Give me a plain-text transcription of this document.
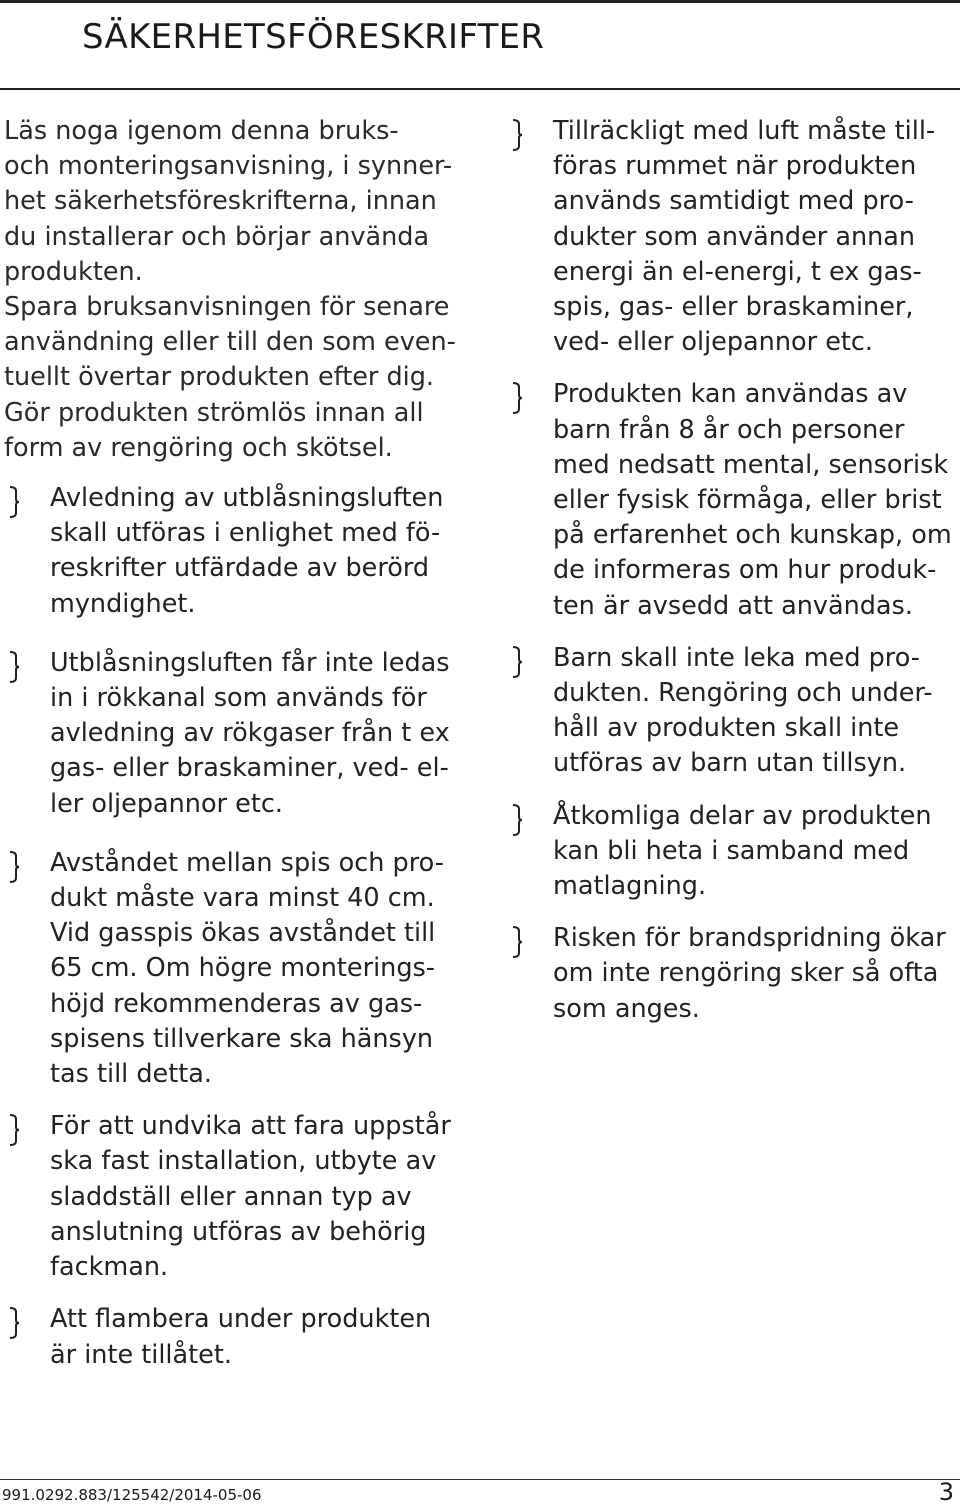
SÄKERHETSFÖRESKRIFTER

Läs noga igenom denna bruks-
och monteringsanvisning, i synner-
het säkerhetsföreskrifterna, innan
du installerar och börjar använda
produkten.

Spara bruksanvisningen för senare
användning eller till den som even-
tuellt övertar produkten efter dig.

Gör produkten strömlös innan all
form av rengöring och skötsel.

Avledning av utblåsningsluften
skall utföras i enlighet med fö-
reskrifter utfärdade av berörd
myndighet.
Utblåsningsluften får inte ledas
in i rökkanal som används för
avledning av rökgaser från t ex
gas- eller braskaminer, ved- el-
ler oljepannor etc.
Avståndet mellan spis och pro-
dukt måste vara minst 40 cm.
Vid gasspis ökas avståndet till
65 cm. Om högre monterings-
höjd rekommenderas av gas-
spisens tillverkare ska hänsyn
tas till detta.
För att undvika att fara uppstår
ska fast installation, utbyte av
sladdställ eller annan typ av
anslutning utföras av behörig
fackman.
Att flambera under produkten
är inte tillåtet.
Tillräckligt med luft måste till-
föras rummet när produkten
används samtidigt med pro-
dukter som använder annan
energi än el-energi, t ex gas-
spis, gas- eller braskaminer,
ved- eller oljepannor etc.
Produkten kan användas av
barn från 8 år och personer
med nedsatt mental, sensorisk
eller fysisk förmåga, eller brist
på erfarenhet och kunskap, om
de informeras om hur produk-
ten är avsedd att användas.
Barn skall inte leka med pro-
dukten. Rengöring och under-
håll av produkten skall inte
utföras av barn utan tillsyn.
Åtkomliga delar av produkten
kan bli heta i samband med
matlagning.
Risken för brandspridning ökar
om inte rengöring sker så ofta
som anges.
991.0292.883/125542/2014-05-06	3
